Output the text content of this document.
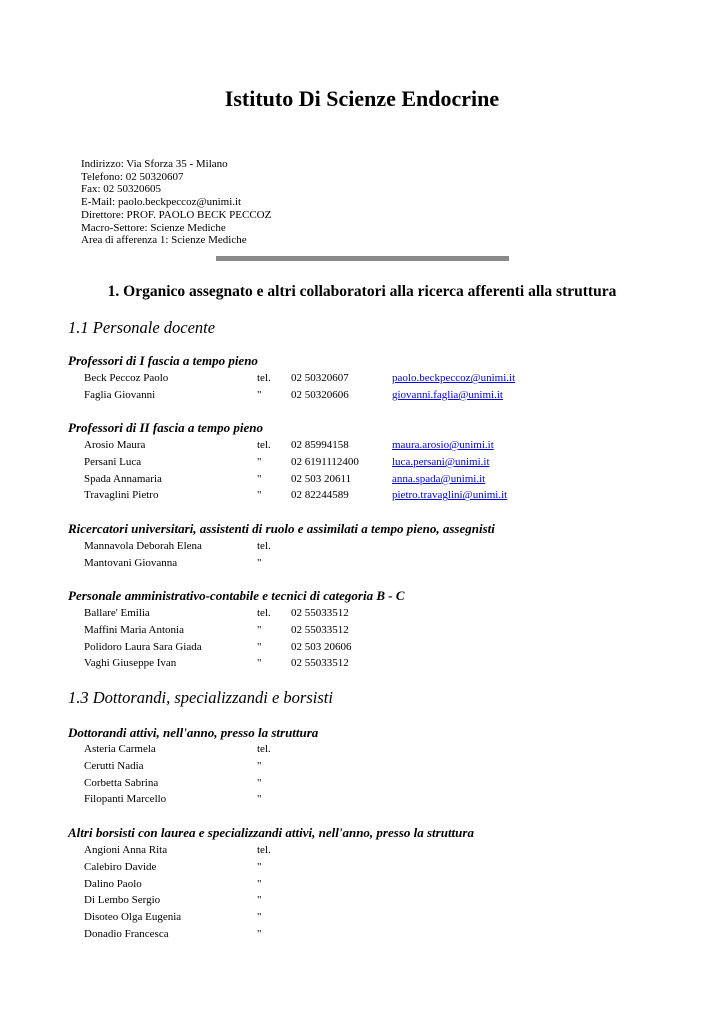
Istituto Di Scienze Endocrine
Indirizzo: Via Sforza 35 - Milano
Telefono: 02 50320607
Fax: 02 50320605
E-Mail: paolo.beckpeccoz@unimi.it
Direttore: PROF. PAOLO BECK PECCOZ
Macro-Settore: Scienze Mediche
Area di afferenza 1: Scienze Mediche
1. Organico assegnato e altri collaboratori alla ricerca afferenti alla struttura
1.1 Personale docente
Professori di I fascia a tempo pieno
Beck Peccoz Paolo	tel. 02 50320607	paolo.beckpeccoz@unimi.it
Faglia Giovanni	"	02 50320606	giovanni.faglia@unimi.it
Professori di II fascia a tempo pieno
Arosio Maura	tel. 02 85994158	maura.arosio@unimi.it
Persani Luca	"	02 6191112400	luca.persani@unimi.it
Spada Annamaria	"	02 503 20611	anna.spada@unimi.it
Travaglini Pietro	"	02 82244589	pietro.travaglini@unimi.it
Ricercatori universitari, assistenti di ruolo e assimilati a tempo pieno, assegnisti
Mannavola Deborah Elena	tel.
Mantovani Giovanna	"
Personale amministrativo-contabile e tecnici di categoria B - C
Ballare' Emilia	tel. 02 55033512
Maffini Maria Antonia	"	02 55033512
Polidoro Laura Sara Giada	"	02 503 20606
Vaghi Giuseppe Ivan	"	02 55033512
1.3 Dottorandi, specializzandi e borsisti
Dottorandi attivi, nell'anno, presso la struttura
Asteria Carmela	tel.
Cerutti Nadia	"
Corbetta Sabrina	"
Filopanti Marcello	"
Altri borsisti con laurea e specializzandi attivi, nell'anno, presso la struttura
Angioni Anna Rita	tel.
Calebiro Davide	"
Dalino Paolo	"
Di Lembo Sergio	"
Disoteo Olga Eugenia	"
Donadio Francesca	"
